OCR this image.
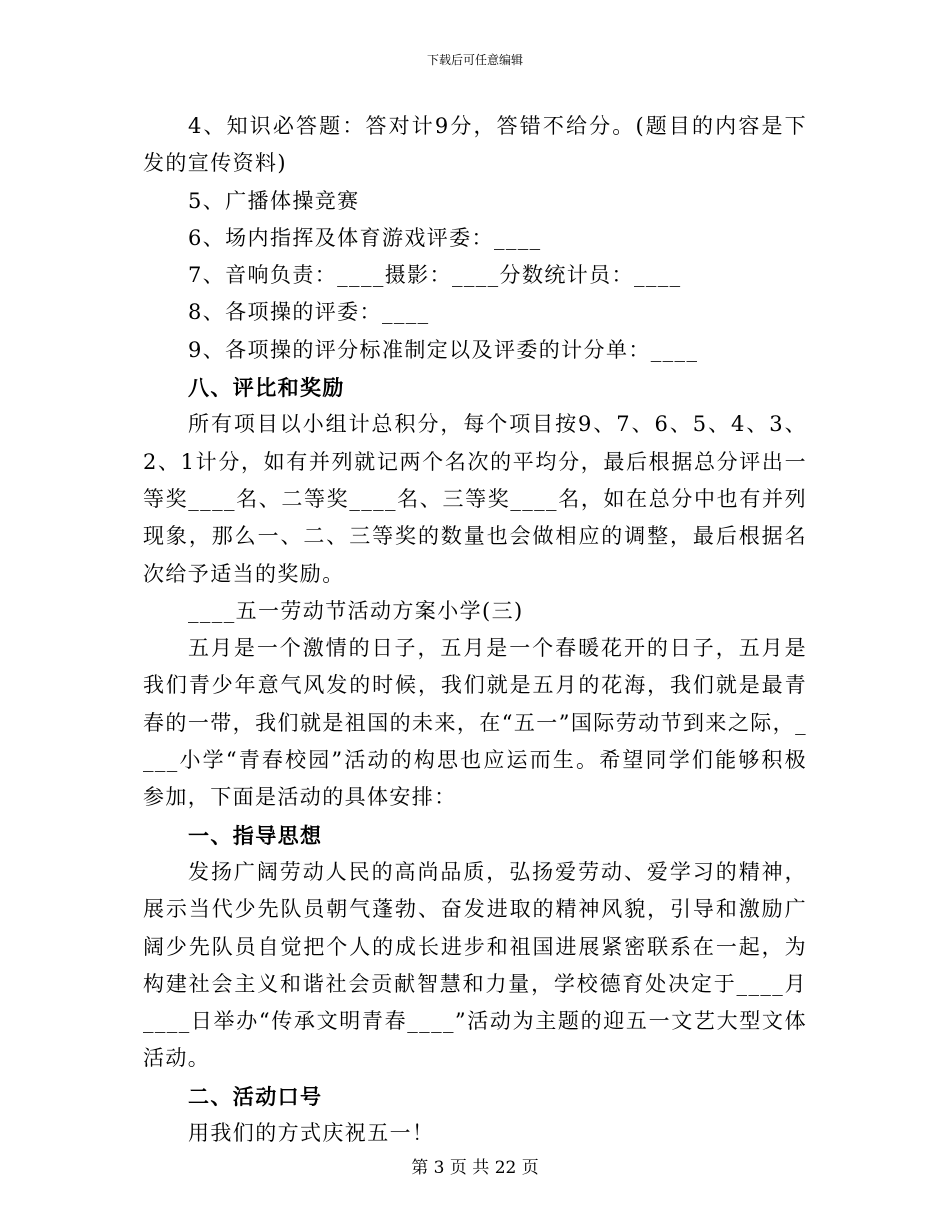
下载后可任意编辑

4、知识必答题：答对计9分，答错不给分。(题目的内容是下发的宣传资料)

5、广播体操竞赛

6、场内指挥及体育游戏评委：____

7、音响负责：____摄影：____分数统计员：____

8、各项操的评委：____

9、各项操的评分标准制定以及评委的计分单：____

八、评比和奖励

所有项目以小组计总积分，每个项目按9、7、6、5、4、3、2、1计分，如有并列就记两个名次的平均分，最后根据总分评出一等奖____名、二等奖____名、三等奖____名，如在总分中也有并列现象，那么一、二、三等奖的数量也会做相应的调整，最后根据名次给予适当的奖励。

____五一劳动节活动方案小学(三)

五月是一个激情的日子，五月是一个春暖花开的日子，五月是我们青少年意气风发的时候，我们就是五月的花海，我们就是最青春的一带，我们就是祖国的未来，在“五一”国际劳动节到来之际，____小学“青春校园”活动的构思也应运而生。希望同学们能够积极参加，下面是活动的具体安排：

一、指导思想

发扬广阔劳动人民的高尚品质，弘扬爱劳动、爱学习的精神，展示当代少先队员朝气蓬勃、奋发进取的精神风貌，引导和激励广阔少先队员自觉把个人的成长进步和祖国进展紧密联系在一起，为构建社会主义和谐社会贡献智慧和力量，学校德育处决定于____月____日举办“传承文明青春____”活动为主题的迎五一文艺大型文体活动。

二、活动口号

用我们的方式庆祝五一！

第 3 页 共 22 页
